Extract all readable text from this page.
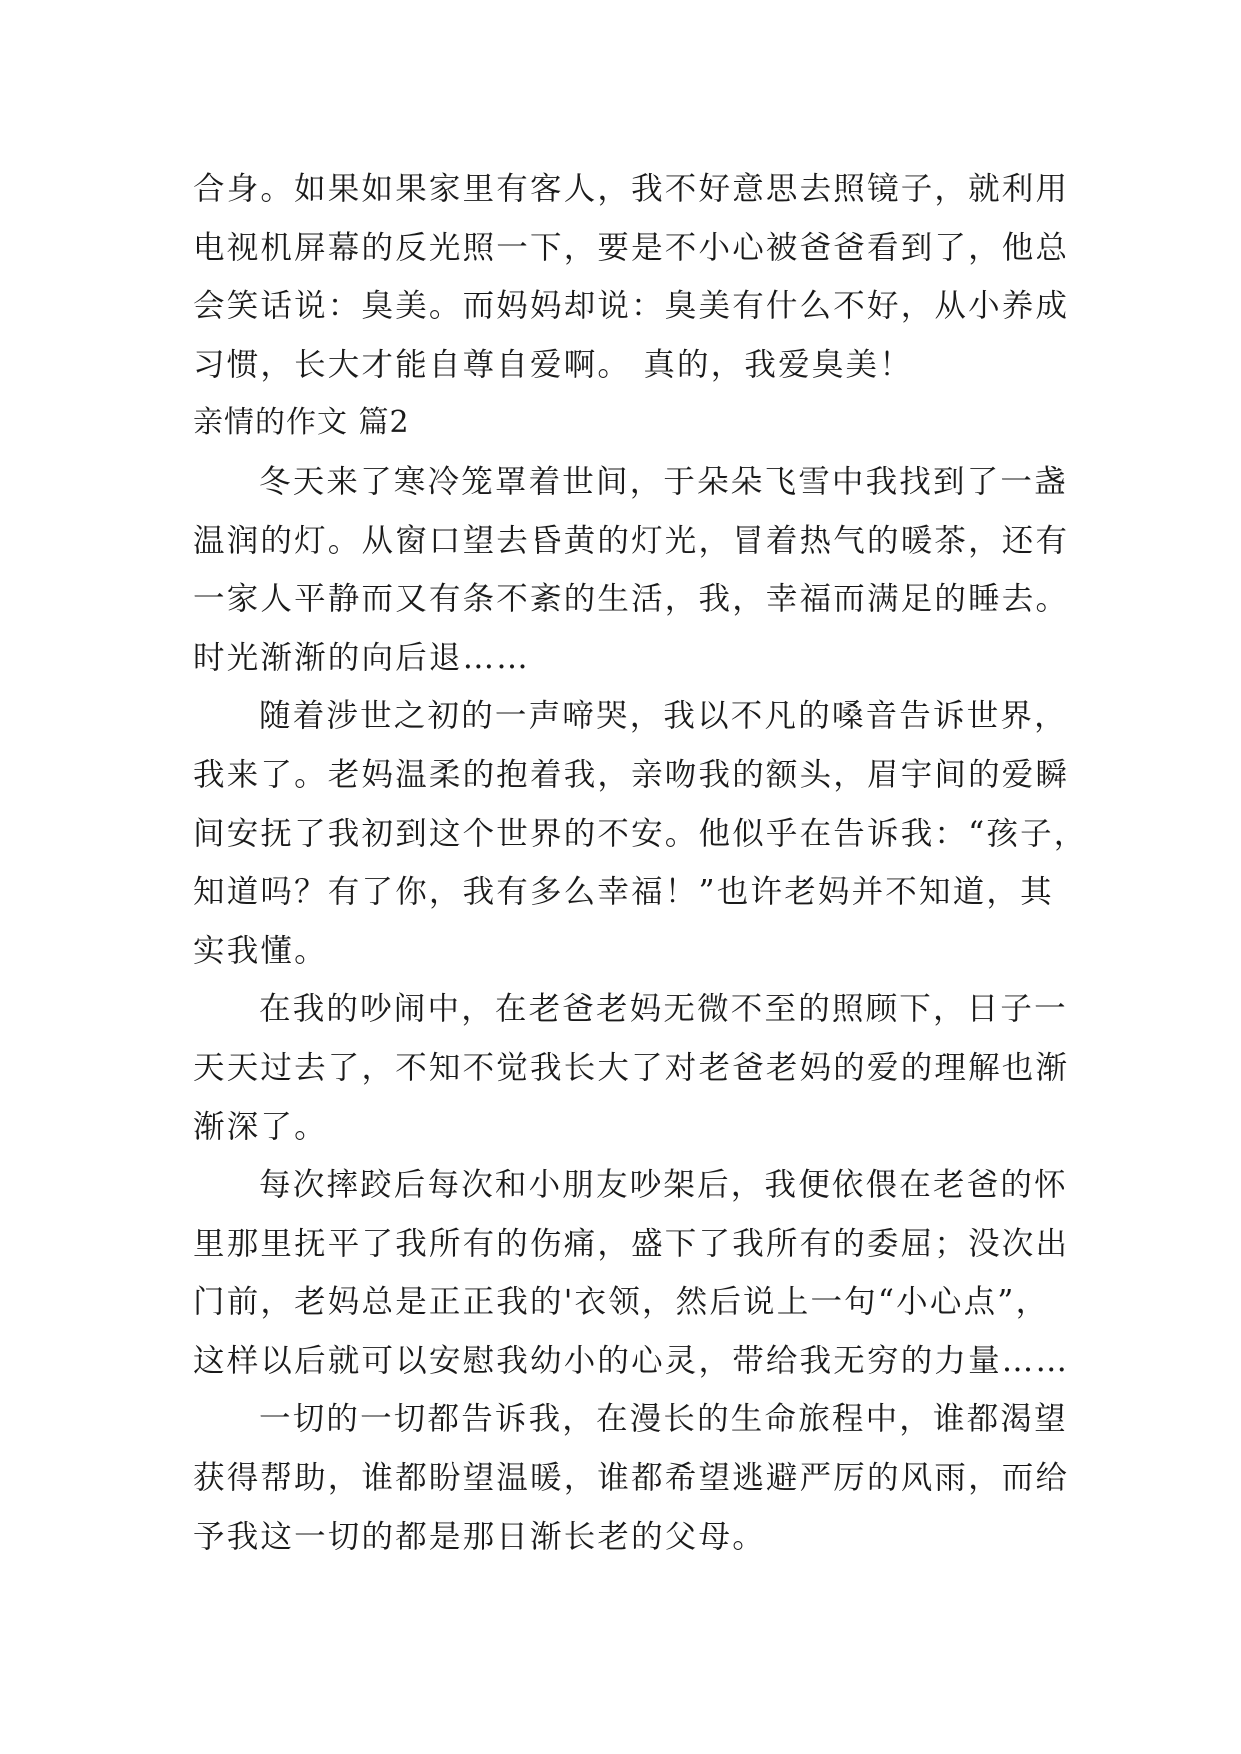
合身。如果如果家里有客人，我不好意思去照镜子，就利用
电视机屏幕的反光照一下，要是不小心被爸爸看到了，他总
会笑话说：臭美。而妈妈却说：臭美有什么不好，从小养成
习惯，长大才能自尊自爱啊。 真的，我爱臭美！
亲情的作文 篇2
冬天来了寒冷笼罩着世间，于朵朵飞雪中我找到了一盏
温润的灯。从窗口望去昏黄的灯光，冒着热气的暖茶，还有
一家人平静而又有条不紊的生活，我，幸福而满足的睡去。
时光渐渐的向后退……
随着涉世之初的一声啼哭，我以不凡的嗓音告诉世界，
我来了。老妈温柔的抱着我，亲吻我的额头，眉宇间的爱瞬
间安抚了我初到这个世界的不安。他似乎在告诉我：“孩子，
知道吗？有了你，我有多么幸福！”也许老妈并不知道，其
实我懂。
在我的吵闹中，在老爸老妈无微不至的照顾下，日子一
天天过去了，不知不觉我长大了对老爸老妈的爱的理解也渐
渐深了。
每次摔跤后每次和小朋友吵架后，我便依偎在老爸的怀
里那里抚平了我所有的伤痛，盛下了我所有的委屈；没次出
门前，老妈总是正正我的'衣领，然后说上一句“小心点”，
这样以后就可以安慰我幼小的心灵，带给我无穷的力量……
一切的一切都告诉我，在漫长的生命旅程中，谁都渴望
获得帮助，谁都盼望温暖，谁都希望逃避严厉的风雨，而给
予我这一切的都是那日渐长老的父母。
